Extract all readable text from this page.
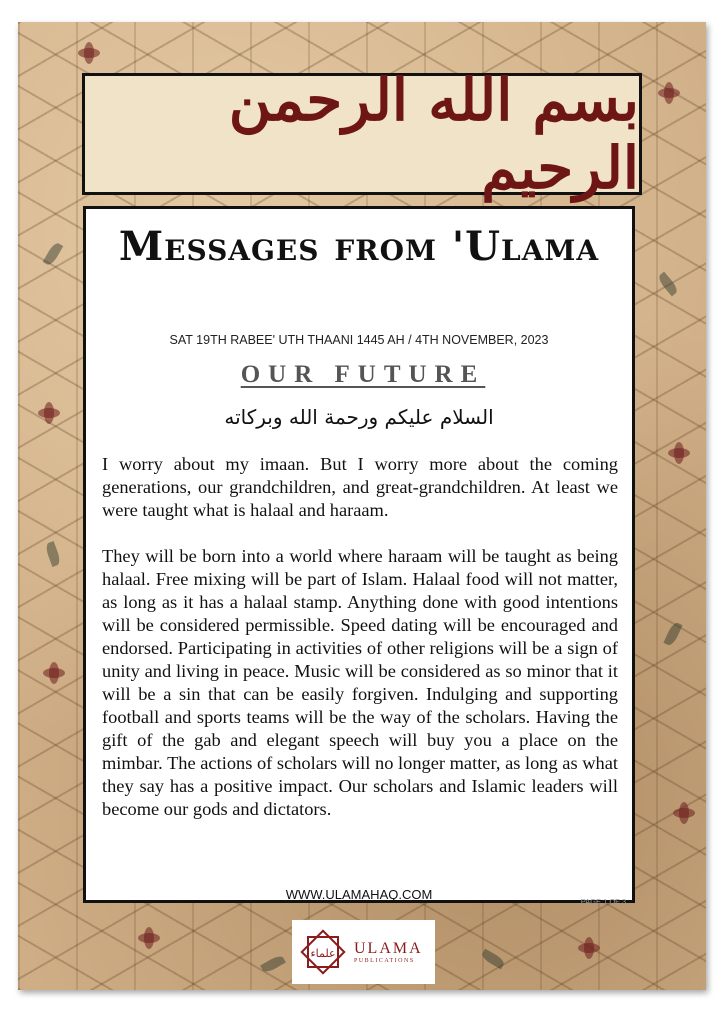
بسم الله الرحمن الرحيم
Messages from 'Ulama
SAT 19TH RABEE' UTH THAANI 1445 AH / 4TH NOVEMBER, 2023
OUR FUTURE
السلام عليكم ورحمة الله وبركاته

I worry about my imaan. But I worry more about the coming generations, our grandchildren, and great-grandchildren. At least we were taught what is halaal and haraam.

They will be born into a world where haraam will be taught as being halaal. Free mixing will be part of Islam. Halaal food will not matter, as long as it has a halaal stamp. Anything done with good intentions will be considered permissible. Speed dating will be encouraged and endorsed. Participating in activities of other religions will be a sign of unity and living in peace. Music will be considered as so minor that it will be a sin that can be easily forgiven. Indulging and supporting football and sports teams will be the way of the scholars. Having the gift of the gab and elegant speech will buy you a place on the mimbar. The actions of scholars will no longer matter, as long as what they say has a positive impact. Our scholars and Islamic leaders will become our gods and dictators.

WWW.ULAMAHAQ.COM	PAGE 1 OF 3
علماء ULAMA
PUBLICATIONS
